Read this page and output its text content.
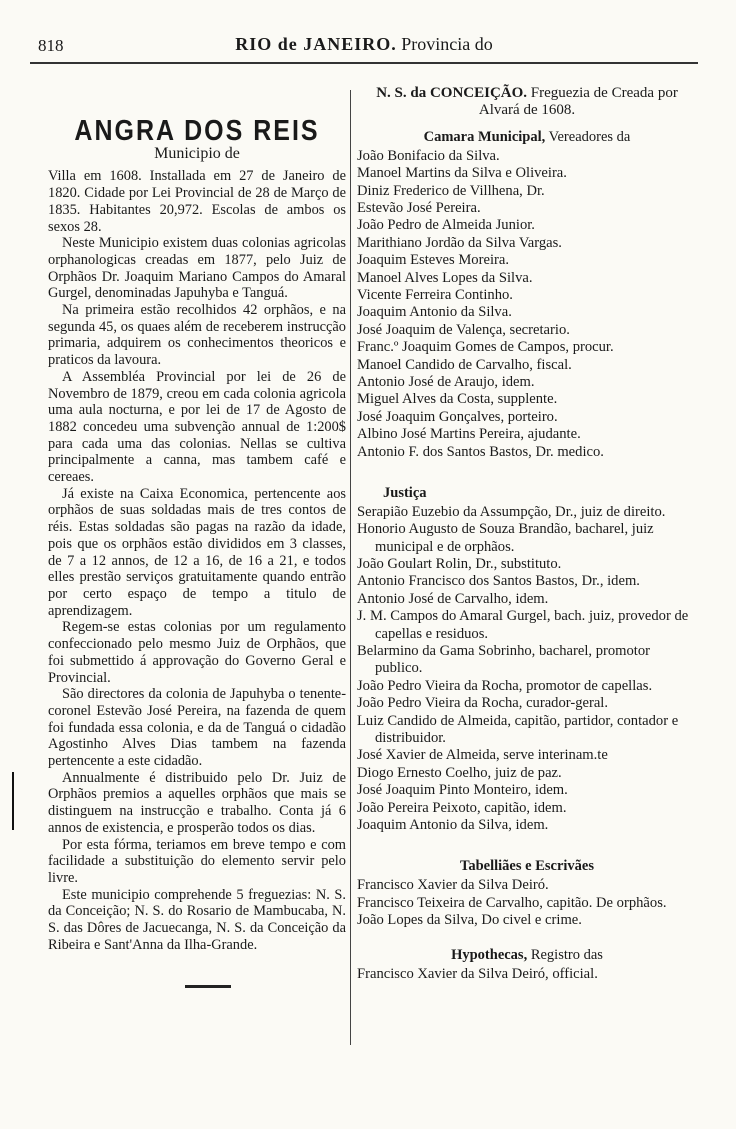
818	RIO de JANEIRO. Provincia do
ANGRA DOS REIS
Municipio de

Villa em 1608. Installada em 27 de Janeiro de 1820. Cidade por Lei Provincial de 28 de Março de 1835. Habitantes 20,972. Escolas de ambos os sexos 28.

Neste Municipio existem duas colonias agricolas orphanologicas creadas em 1877, pelo Juiz de Orphãos Dr. Joaquim Mariano Campos do Amaral Gurgel, denominadas Japuhyba e Tanguá.

Na primeira estão recolhidos 42 orphãos, e na segunda 45, os quaes além de receberem instrucção primaria, adquirem os conhecimentos theoricos e praticos da lavoura.

A Assembléa Provincial por lei de 26 de Novembro de 1879, creou em cada colonia agricola uma aula nocturna, e por lei de 17 de Agosto de 1882 concedeu uma subvenção annual de 1:200$ para cada uma das colonias. Nellas se cultiva principalmente a canna, mas tambem café e cereaes.

Já existe na Caixa Economica, pertencente aos orphãos de suas soldadas mais de tres contos de réis. Estas soldadas são pagas na razão da idade, pois que os orphãos estão divididos em 3 classes, de 7 a 12 annos, de 12 a 16, de 16 a 21, e todos elles prestão serviços gratuitamente quando entrão por certo espaço de tempo a titulo de aprendizagem.

Regem-se estas colonias por um regulamento confeccionado pelo mesmo Juiz de Orphãos, que foi submettido á approvação do Governo Geral e Provincial.

São directores da colonia de Japuhyba o tenente-coronel Estevão José Pereira, na fazenda de quem foi fundada essa colonia, e da de Tanguá o cidadão Agostinho Alves Dias tambem na fazenda pertencente a este cidadão.

Annualmente é distribuido pelo Dr. Juiz de Orphãos premios a aquelles orphãos que mais se distinguem na instrucção e trabalho. Conta já 6 annos de existencia, e prosperão todos os dias.

Por esta fórma, teriamos em breve tempo e com facilidade a substituição do elemento servir pelo livre.

Este municipio comprehende 5 freguezias: N. S. da Conceição; N. S. do Rosario de Mambucaba, N. S. das Dôres de Jacuecanga, N. S. da Conceição da Ribeira e Sant'Anna da Ilha-Grande.

N. S. da CONCEIÇÃO. Freguezia de Creada por Alvará de 1608.
Camara Municipal, Vereadores da

João Bonifacio da Silva.

Manoel Martins da Silva e Oliveira.

Diniz Frederico de Villhena, Dr.

Estevão José Pereira.

João Pedro de Almeida Junior.

Marithiano Jordão da Silva Vargas.

Joaquim Esteves Moreira.

Manoel Alves Lopes da Silva.

Vicente Ferreira Continho.

Joaquim Antonio da Silva.

José Joaquim de Valença, secretario.

Franc.º Joaquim Gomes de Campos, procur.

Manoel Candido de Carvalho, fiscal.

Antonio José de Araujo, idem.

Miguel Alves da Costa, supplente.

José Joaquim Gonçalves, porteiro.

Albino José Martins Pereira, ajudante.

Antonio F. dos Santos Bastos, Dr. medico.

Justiça

Serapião Euzebio da Assumpção, Dr., juiz de direito.

Honorio Augusto de Souza Brandão, bacharel, juiz municipal e de orphãos.

João Goulart Rolin, Dr., substituto.

Antonio Francisco dos Santos Bastos, Dr., idem.

Antonio José de Carvalho, idem.

J. M. Campos do Amaral Gurgel, bach. juiz, provedor de capellas e residuos.

Belarmino da Gama Sobrinho, bacharel, promotor publico.

João Pedro Vieira da Rocha, promotor de capellas.

João Pedro Vieira da Rocha, curador-geral.

Luiz Candido de Almeida, capitão, partidor, contador e distribuidor.

José Xavier de Almeida, serve interinam.te

Diogo Ernesto Coelho, juiz de paz.

José Joaquim Pinto Monteiro, idem.

João Pereira Peixoto, capitão, idem.

Joaquim Antonio da Silva, idem.

Tabelliães e Escrivães

Francisco Xavier da Silva Deiró.

Francisco Teixeira de Carvalho, capitão. De orphãos.

João Lopes da Silva, Do civel e crime.

Hypothecas, Registro das

Francisco Xavier da Silva Deiró, official.
